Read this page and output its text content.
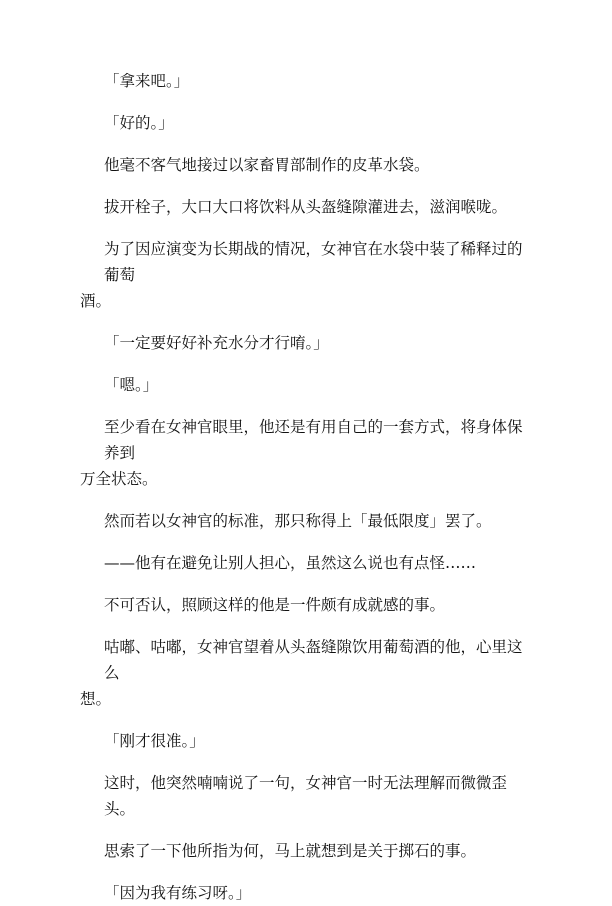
「拿来吧。」

「好的。」

他毫不客气地接过以家畜胃部制作的皮革水袋。

拔开栓子，大口大口将饮料从头盔缝隙灌进去，滋润喉咙。

为了因应演变为长期战的情况，女神官在水袋中装了稀释过的葡萄
酒。

「一定要好好补充水分才行唷。」

「嗯。」

至少看在女神官眼里，他还是有用自己的一套方式，将身体保养到
万全状态。

然而若以女神官的标准，那只称得上「最低限度」罢了。

——他有在避免让别人担心，虽然这么说也有点怪……

不可否认，照顾这样的他是一件颇有成就感的事。

咕嘟、咕嘟，女神官望着从头盔缝隙饮用葡萄酒的他，心里这么
想。

「刚才很准。」

这时，他突然喃喃说了一句，女神官一时无法理解而微微歪头。

思索了一下他所指为何，马上就想到是关于掷石的事。

「因为我有练习呀。」
